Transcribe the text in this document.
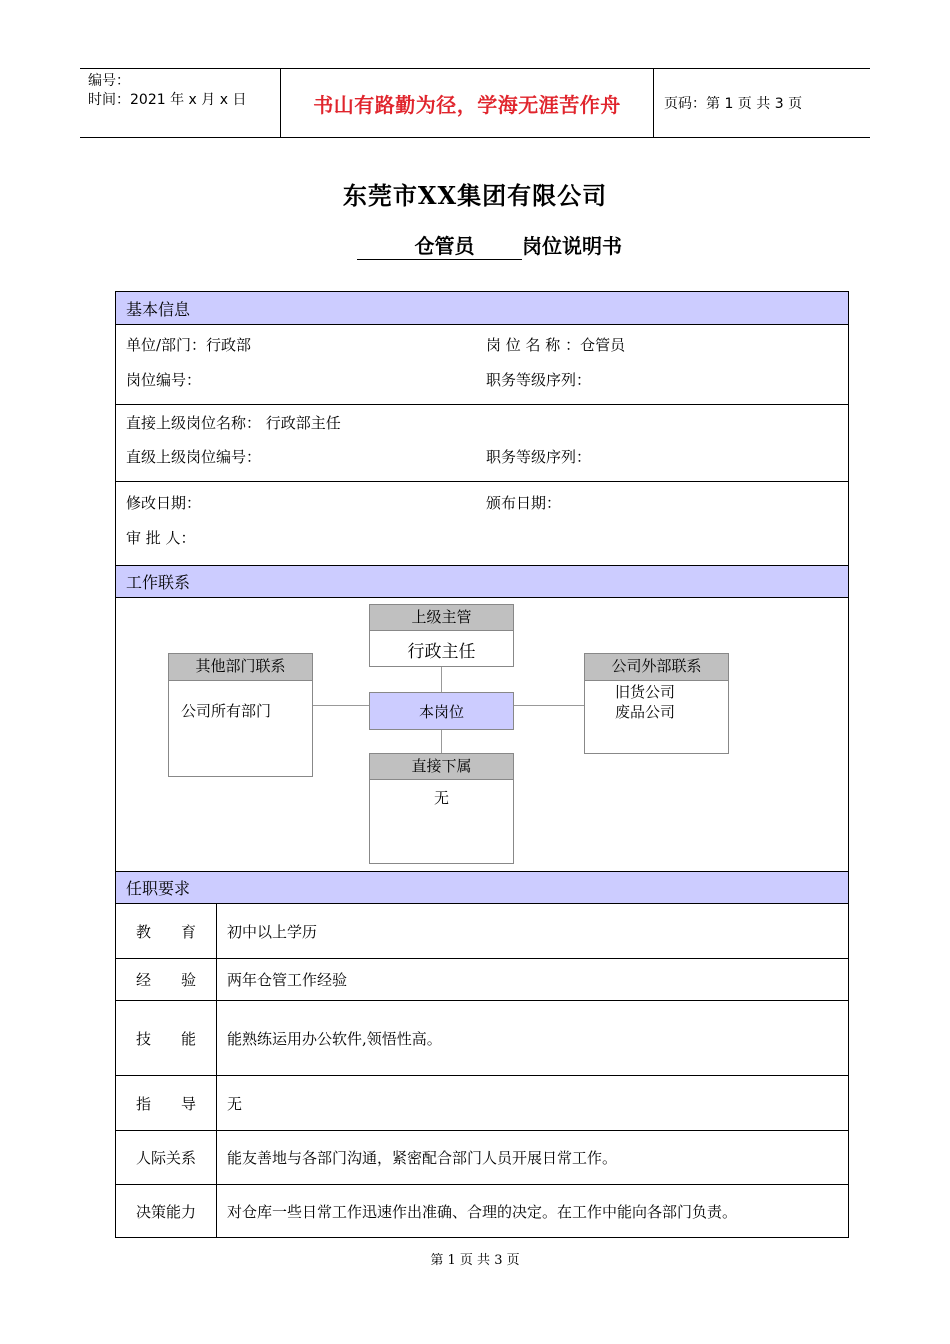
编号：
时间：2021 年 x 月 x 日	书山有路勤为径，学海无涯苦作舟	页码：第 1 页 共 3 页
东莞市XX集团有限公司
仓管员 岗位说明书
基本信息
单位/部门：行政部	岗 位 名 称 ：仓管员
岗位编号：	职务等级序列：
直接上级岗位名称： 行政部主任
直级上级岗位编号：	职务等级序列：
修改日期：	颁布日期：
审 批 人：
工作联系
上级主管
行政主任
本岗位
直接下属
无
其他部门联系
公司所有部门
公司外部联系
旧货公司
废品公司
任职要求
教　　育	初中以上学历
经　　验	两年仓管工作经验
技　　能	能熟练运用办公软件,领悟性高。
指　　导	无
人际关系	能友善地与各部门沟通，紧密配合部门人员开展日常工作。
决策能力	对仓库一些日常工作迅速作出准确、合理的决定。在工作中能向各部门负责。
第 1 页 共 3 页
